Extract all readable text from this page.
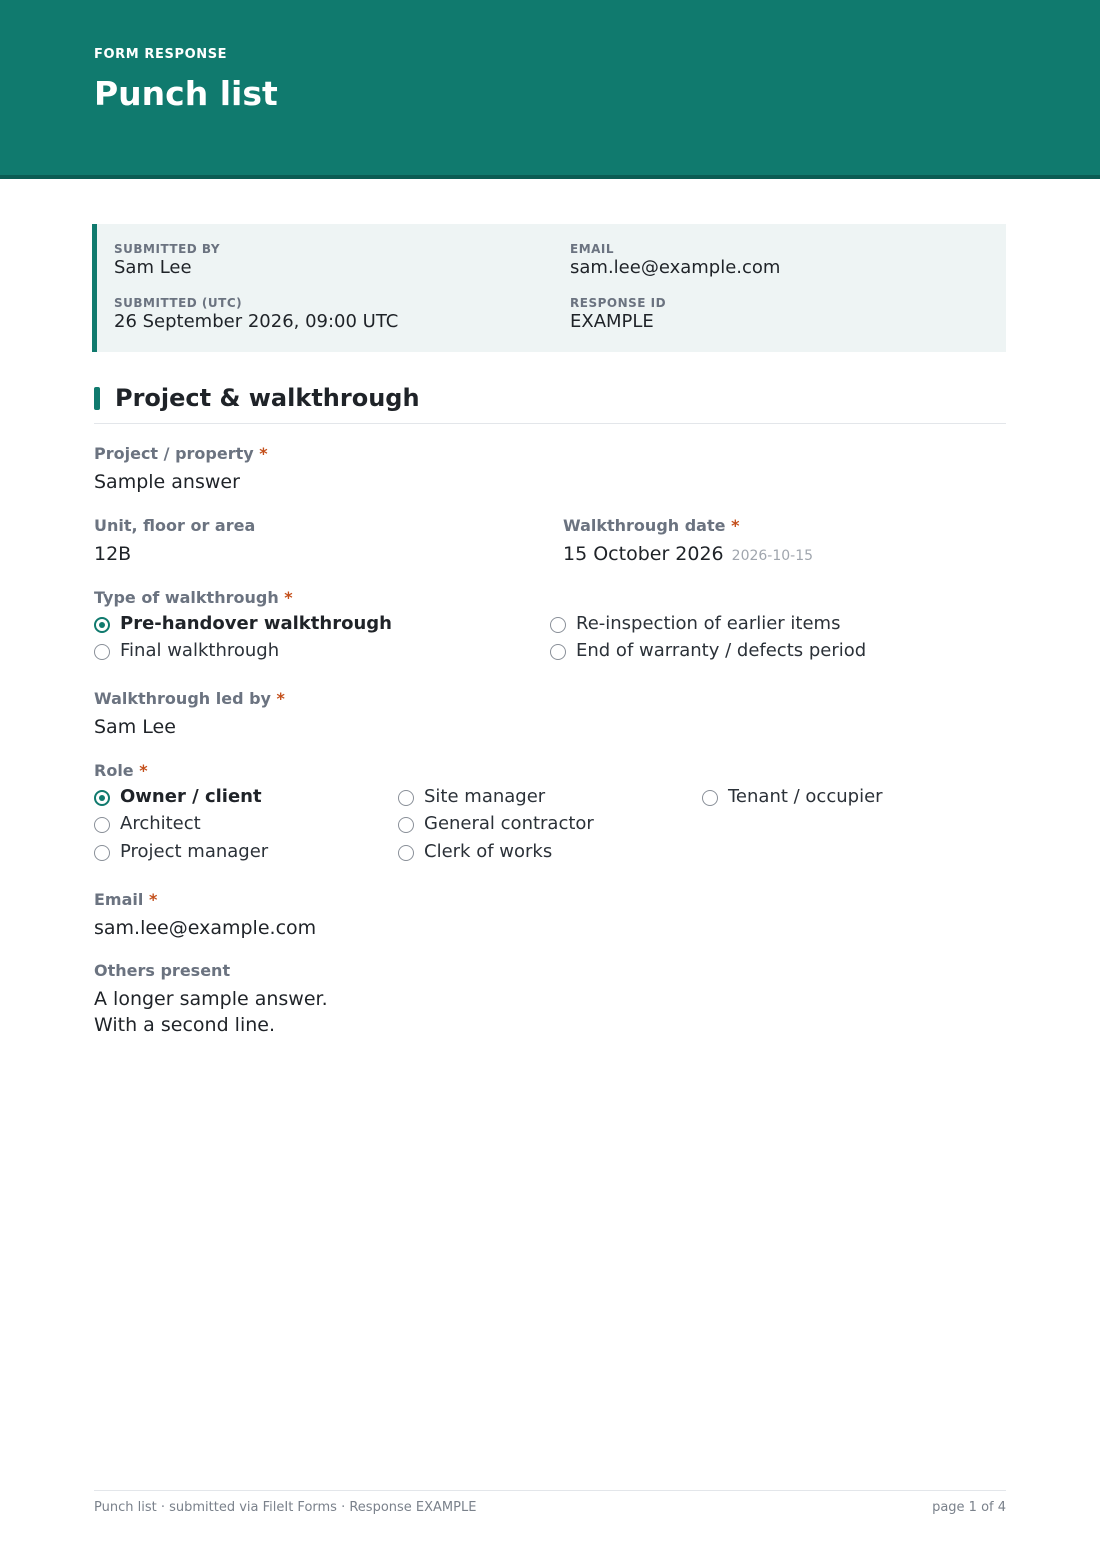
FORM RESPONSE
Punch list
SUBMITTED BY
Sam Lee
EMAIL
sam.lee@example.com
SUBMITTED (UTC)
26 September 2026, 09:00 UTC
RESPONSE ID
EXAMPLE
Project & walkthrough
Project / property *
Sample answer
Unit, floor or area
12B
Walkthrough date *
15 October 2026 2026-10-15
Type of walkthrough *
Pre-handover walkthrough
Final walkthrough
Re-inspection of earlier items
End of warranty / defects period
Walkthrough led by *
Sam Lee
Role *
Owner / client
Architect
Project manager
Site manager
General contractor
Clerk of works
Tenant / occupier
Email *
sam.lee@example.com
Others present
A longer sample answer.
With a second line.
Punch list · submitted via FileIt Forms · Response EXAMPLE	page 1 of 4
